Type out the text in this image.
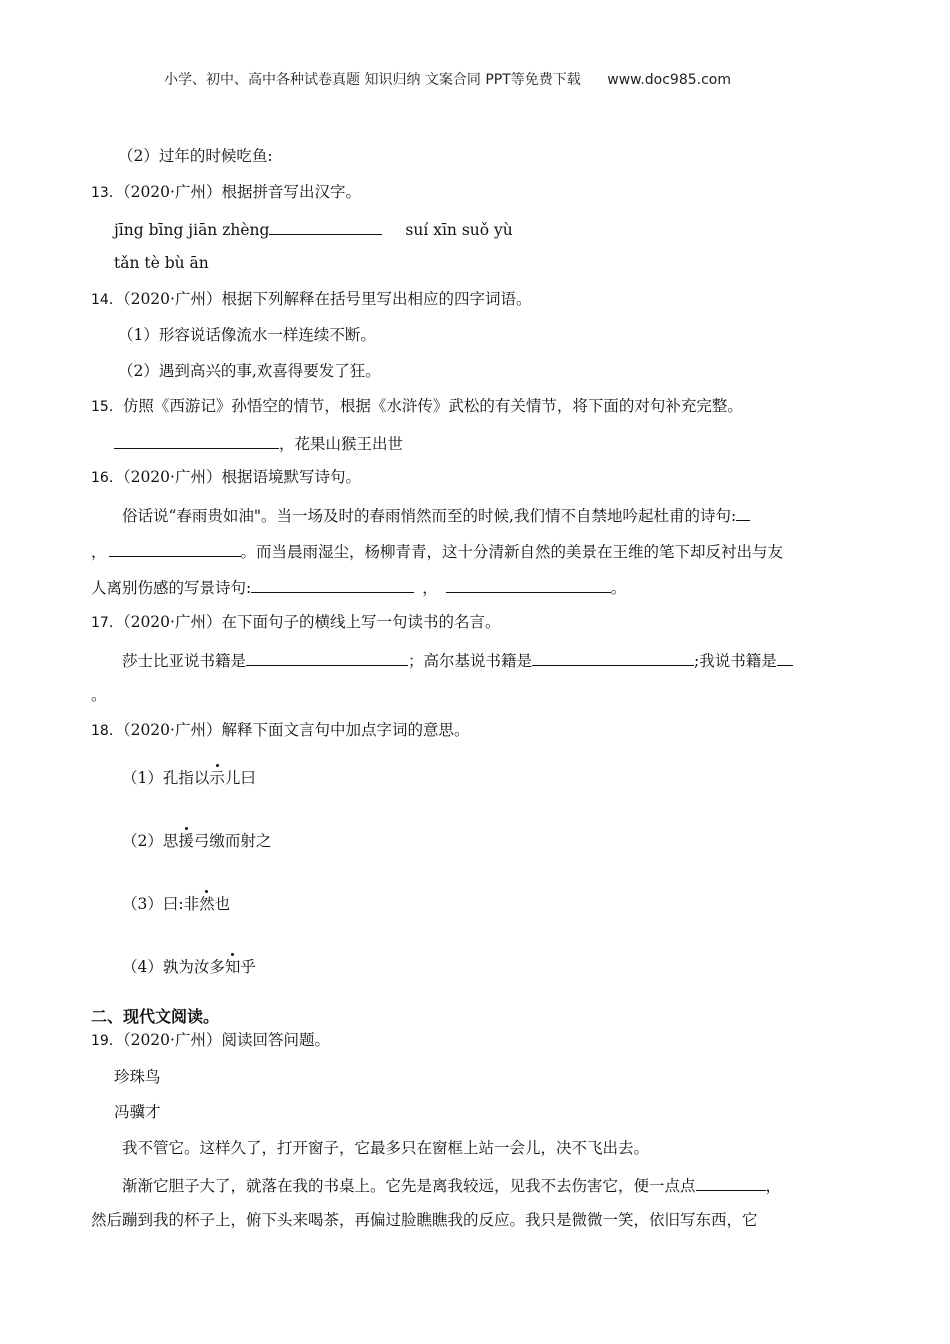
小学、初中、高中各种试卷真题 知识归纳 文案合同 PPT等免费下载 www.doc985.com
（2）过年的时候吃鱼:
13．（2020·广州）根据拼音写出汉字。
jīng bīng jiān zhèng	suí xīn suǒ yù
tǎn tè bù ān
14．（2020·广州）根据下列解释在括号里写出相应的四字词语。
（1）形容说话像流水一样连续不断。
（2）遇到高兴的事,欢喜得要发了狂。
15．仿照《西游记》孙悟空的情节，根据《水浒传》武松的有关情节，将下面的对句补充完整。
，花果山猴王出世
16．（2020·广州）根据语境默写诗句。
俗话说“春雨贵如油"。当一场及时的春雨悄然而至的时候,我们情不自禁地吟起杜甫的诗句:
，	。而当晨雨湿尘，杨柳青青，这十分清新自然的美景在王维的笔下却反衬出与友
人离别伤感的写景诗句:	，	。
17．（2020·广州）在下面句子的横线上写一句读书的名言。
莎士比亚说书籍是	；高尔基说书籍是	;我说书籍是
。
18．（2020·广州）解释下面文言句中加点字词的意思。
（1）孔指以示儿曰
（2）思援弓缴而射之
（3）曰:非然也
（4）孰为汝多知乎
二、现代文阅读。
19．（2020·广州）阅读回答问题。
珍珠鸟
冯骥才
我不管它。这样久了，打开窗子，它最多只在窗框上站一会儿，决不飞出去。
渐渐它胆子大了，就落在我的书桌上。它先是离我较远，见我不去伤害它，便一点点	，
然后蹦到我的杯子上，俯下头来喝茶，再偏过脸瞧瞧我的反应。我只是微微一笑，依旧写东西，它
